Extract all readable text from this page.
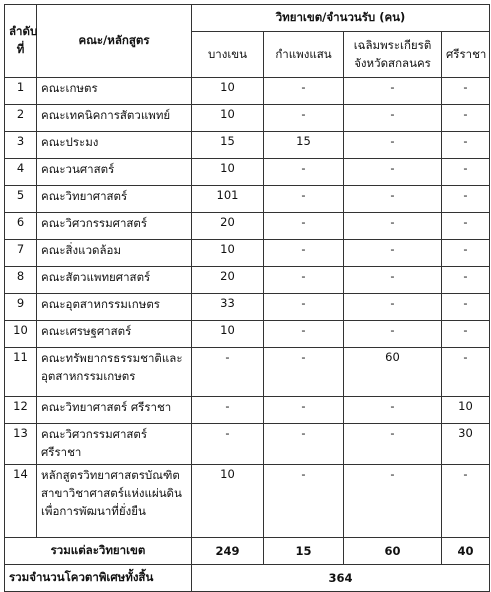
ลำดับที่	คณะ/หลักสูตร	วิทยาเขต/จำนวนรับ (คน)			
		บางเขน	กำแพงแสน	เฉลิมพระเกียรติ จังหวัดสกลนคร	ศรีราชา
1	คณะเกษตร	10	-	-	-
2	คณะเทคนิคการสัตวแพทย์	10	-	-	-
3	คณะประมง	15	15	-	-
4	คณะวนศาสตร์	10	-	-	-
5	คณะวิทยาศาสตร์	101	-	-	-
6	คณะวิศวกรรมศาสตร์	20	-	-	-
7	คณะสิ่งแวดล้อม	10	-	-	-
8	คณะสัตวแพทยศาสตร์	20	-	-	-
9	คณะอุตสาหกรรมเกษตร	33	-	-	-
10	คณะเศรษฐศาสตร์	10	-	-	-
11	คณะทรัพยากรธรรมชาติและอุตสาหกรรมเกษตร	-	-	60	-
12	คณะวิทยาศาสตร์ ศรีราชา	-	-	-	10
13	คณะวิศวกรรมศาสตร์ศรีราชา	-	-	-	30
14	หลักสูตรวิทยาศาสตรบัณฑิต สาขาวิชาศาสตร์แห่งแผ่นดินเพื่อการพัฒนาที่ยั่งยืน	10	-	-	-
รวมแต่ละวิทยาเขต		249	15	60	40
รวมจำนวนโควตาพิเศษทั้งสิ้น		364			
